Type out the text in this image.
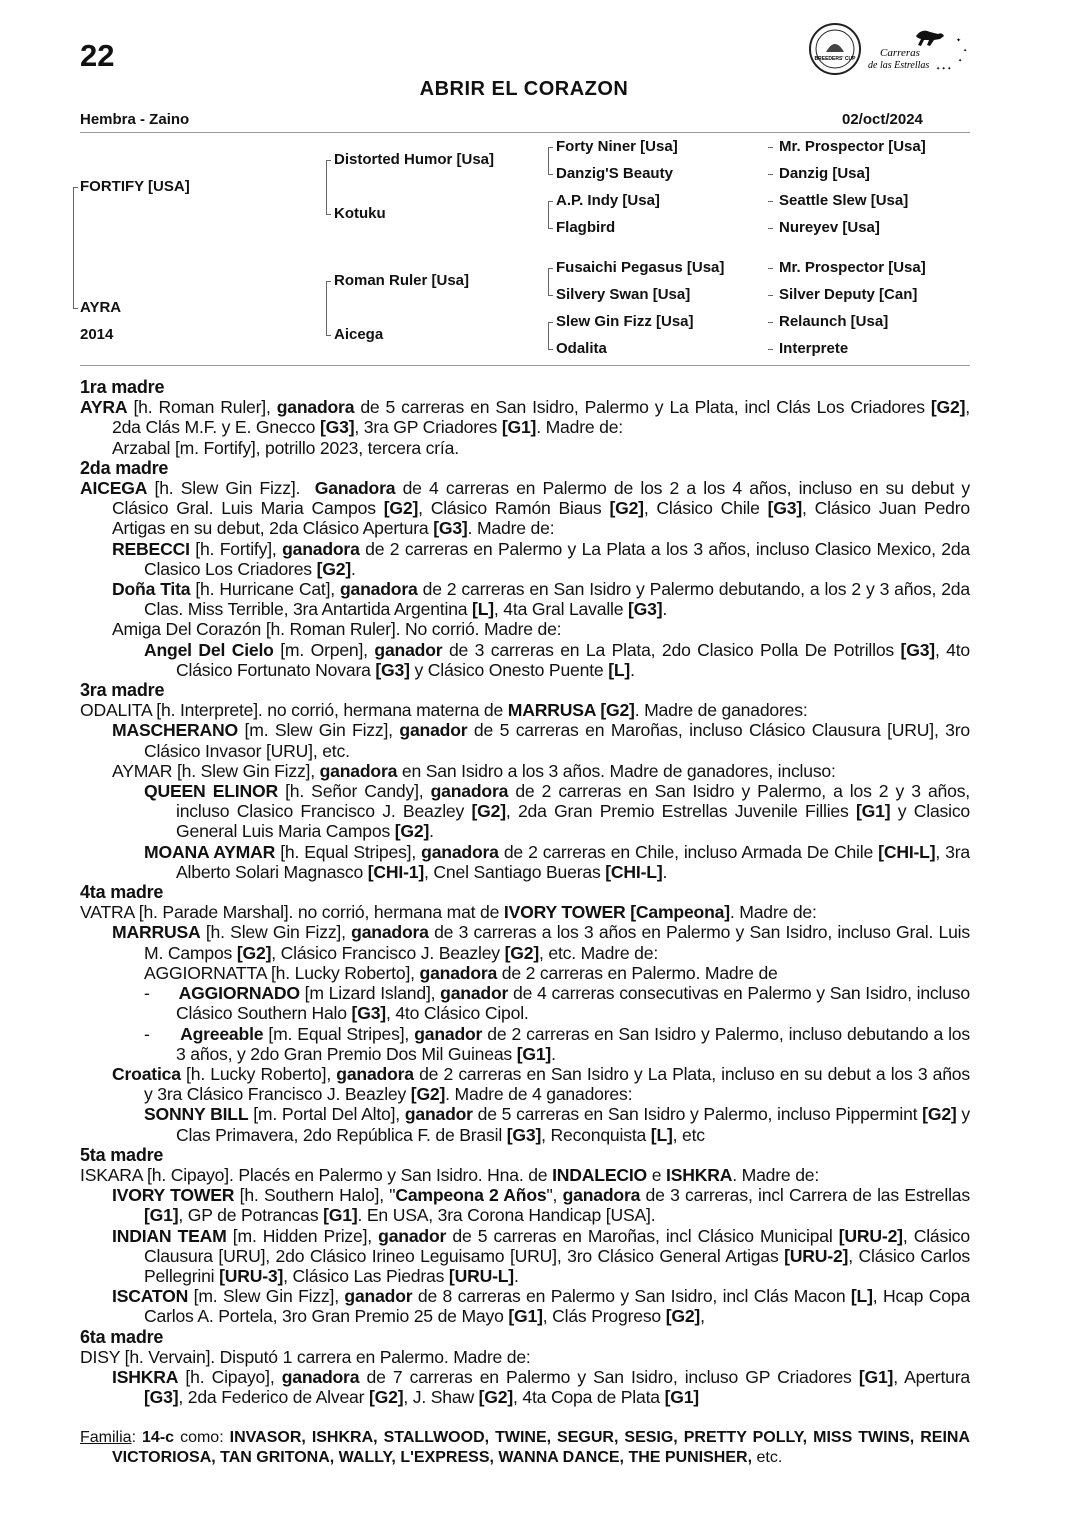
22	BREEDERS' CUP Carreras
de las Estrellas
✦
✦
✦
✦ ✦ ✦
ABRIR EL CORAZON
Hembra - Zaino	02/oct/2024
FORTIFY [USA]
AYRA
2014
Distorted Humor [Usa]
Kotuku
Roman Ruler [Usa]
Aicega
Forty Niner [Usa]
Danzig'S Beauty
A.P. Indy [Usa]
Flagbird
Fusaichi Pegasus [Usa]
Silvery Swan [Usa]
Slew Gin Fizz [Usa]
Odalita
Mr. Prospector [Usa]
Danzig [Usa]
Seattle Slew [Usa]
Nureyev [Usa]
Mr. Prospector [Usa]
Silver Deputy [Can]
Relaunch [Usa]
Interprete

1ra madre

AYRA [h. Roman Ruler], ganadora de 5 carreras en San Isidro, Palermo y La Plata, incl Clás Los Criadores [G2], 2da Clás M.F. y E. Gnecco [G3], 3ra GP Criadores [G1]. Madre de:

Arzabal [m. Fortify], potrillo 2023, tercera cría.

2da madre

AICEGA [h. Slew Gin Fizz].  Ganadora de 4 carreras en Palermo de los 2 a los 4 años, incluso en su debut y Clásico Gral. Luis Maria Campos [G2], Clásico Ramón Biaus [G2], Clásico Chile [G3], Clásico Juan Pedro Artigas en su debut, 2da Clásico Apertura [G3]. Madre de:

REBECCI [h. Fortify], ganadora de 2 carreras en Palermo y La Plata a los 3 años, incluso Clasico Mexico, 2da Clasico Los Criadores [G2].

Doña Tita [h. Hurricane Cat], ganadora de 2 carreras en San Isidro y Palermo debutando, a los 2 y 3 años, 2da Clas. Miss Terrible, 3ra Antartida Argentina [L], 4ta Gral Lavalle [G3].

Amiga Del Corazón [h. Roman Ruler]. No corrió. Madre de:

Angel Del Cielo [m. Orpen], ganador de 3 carreras en La Plata, 2do Clasico Polla De Potrillos [G3], 4to Clásico Fortunato Novara [G3] y Clásico Onesto Puente [L].

3ra madre

ODALITA [h. Interprete]. no corrió, hermana materna de MARRUSA [G2]. Madre de ganadores:

MASCHERANO [m. Slew Gin Fizz], ganador de 5 carreras en Maroñas, incluso Clásico Clausura [URU], 3ro Clásico Invasor [URU], etc.

AYMAR [h. Slew Gin Fizz], ganadora en San Isidro a los 3 años. Madre de ganadores, incluso:

QUEEN ELINOR [h. Señor Candy], ganadora de 2 carreras en San Isidro y Palermo, a los 2 y 3 años, incluso Clasico Francisco J. Beazley [G2], 2da Gran Premio Estrellas Juvenile Fillies [G1] y Clasico General Luis Maria Campos [G2].

MOANA AYMAR [h. Equal Stripes], ganadora de 2 carreras en Chile, incluso Armada De Chile [CHI-L], 3ra Alberto Solari Magnasco [CHI-1], Cnel Santiago Bueras [CHI-L].

4ta madre

VATRA [h. Parade Marshal]. no corrió, hermana mat de IVORY TOWER [Campeona]. Madre de:

MARRUSA [h. Slew Gin Fizz], ganadora de 3 carreras a los 3 años en Palermo y San Isidro, incluso Gral. Luis M. Campos [G2], Clásico Francisco J. Beazley [G2], etc. Madre de:

AGGIORNATTA [h. Lucky Roberto], ganadora de 2 carreras en Palermo. Madre de

-      AGGIORNADO [m Lizard Island], ganador de 4 carreras consecutivas en Palermo y San Isidro, incluso Clásico Southern Halo [G3], 4to Clásico Cipol.

-      Agreeable [m. Equal Stripes], ganador de 2 carreras en San Isidro y Palermo, incluso debutando a los 3 años, y 2do Gran Premio Dos Mil Guineas [G1].

Croatica [h. Lucky Roberto], ganadora de 2 carreras en San Isidro y La Plata, incluso en su debut a los 3 años y 3ra Clásico Francisco J. Beazley [G2]. Madre de 4 ganadores:

SONNY BILL [m. Portal Del Alto], ganador de 5 carreras en San Isidro y Palermo, incluso Pippermint [G2] y Clas Primavera, 2do República F. de Brasil [G3], Reconquista [L], etc

5ta madre

ISKARA [h. Cipayo]. Placés en Palermo y San Isidro. Hna. de INDALECIO e ISHKRA. Madre de:

IVORY TOWER [h. Southern Halo], "Campeona 2 Años", ganadora de 3 carreras, incl Carrera de las Estrellas [G1], GP de Potrancas [G1]. En USA, 3ra Corona Handicap [USA].

INDIAN TEAM [m. Hidden Prize], ganador de 5 carreras en Maroñas, incl Clásico Municipal [URU-2], Clásico Clausura [URU], 2do Clásico Irineo Leguisamo [URU], 3ro Clásico General Artigas [URU-2], Clásico Carlos Pellegrini [URU-3], Clásico Las Piedras [URU-L].

ISCATON [m. Slew Gin Fizz], ganador de 8 carreras en Palermo y San Isidro, incl Clás Macon [L], Hcap Copa Carlos A. Portela, 3ro Gran Premio 25 de Mayo [G1], Clás Progreso [G2],

6ta madre

DISY [h. Vervain]. Disputó 1 carrera en Palermo. Madre de:

ISHKRA [h. Cipayo], ganadora de 7 carreras en Palermo y San Isidro, incluso GP Criadores [G1], Apertura [G3], 2da Federico de Alvear [G2], J. Shaw [G2], 4ta Copa de Plata [G1]

Familia: 14-c como: INVASOR, ISHKRA, STALLWOOD, TWINE, SEGUR, SESIG, PRETTY POLLY, MISS TWINS, REINA VICTORIOSA, TAN GRITONA, WALLY, L'EXPRESS, WANNA DANCE, THE PUNISHER, etc.
